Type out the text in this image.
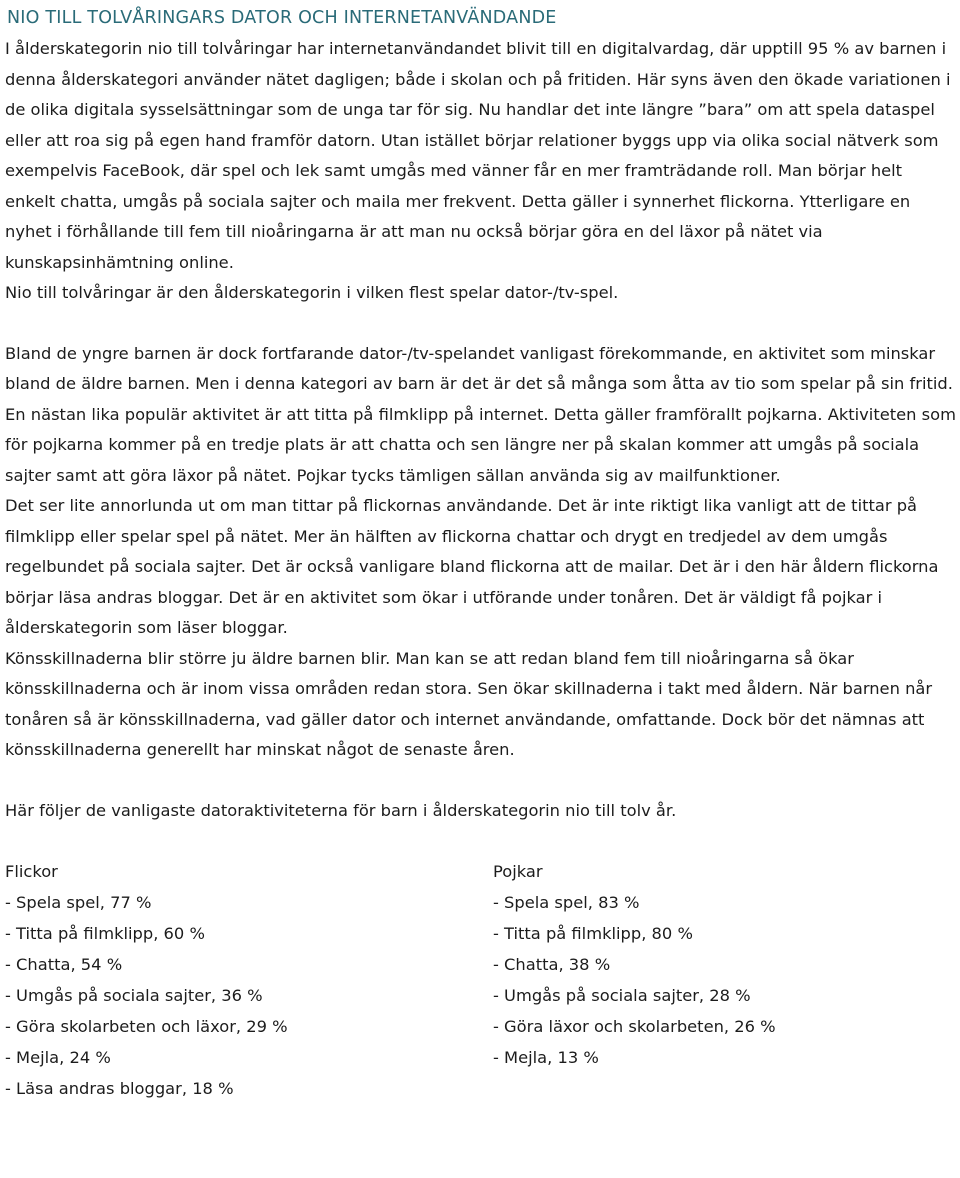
NIO TILL TOLVÅRINGARS DATOR OCH INTERNETANVÄNDANDE

I ålderskategorin nio till tolvåringar har internetanvändandet blivit till en digitalvardag, där upptill 95 % av barnen i denna ålderskategori använder nätet dagligen; både i skolan och på fritiden. Här syns även den ökade variationen i de olika digitala sysselsättningar som de unga tar för sig. Nu handlar det inte längre ”bara” om att spela dataspel eller att roa sig på egen hand framför datorn. Utan istället börjar relationer byggs upp via olika social nätverk som exempelvis FaceBook, där spel och lek samt umgås med vänner får en mer framträdande roll. Man börjar helt enkelt chatta, umgås på sociala sajter och maila mer frekvent. Detta gäller i synnerhet flickorna. Ytterligare en nyhet i förhållande till fem till nioåringarna är att man nu också börjar göra en del läxor på nätet via kunskapsinhämtning online.

Nio till tolvåringar är den ålderskategorin i vilken flest spelar dator-/tv-spel.

Bland de yngre barnen är dock fortfarande dator-/tv-spelandet vanligast förekommande, en aktivitet som minskar bland de äldre barnen. Men i denna kategori av barn är det är det så många som åtta av tio som spelar på sin fritid.

En nästan lika populär aktivitet är att titta på filmklipp på internet. Detta gäller framförallt pojkarna. Aktiviteten som för pojkarna kommer på en tredje plats är att chatta och sen längre ner på skalan kommer att umgås på sociala sajter samt att göra läxor på nätet. Pojkar tycks tämligen sällan använda sig av mailfunktioner.

Det ser lite annorlunda ut om man tittar på flickornas användande. Det är inte riktigt lika vanligt att de tittar på filmklipp eller spelar spel på nätet. Mer än hälften av flickorna chattar och drygt en tredjedel av dem umgås regelbundet på sociala sajter. Det är också vanligare bland flickorna att de mailar. Det är i den här åldern flickorna börjar läsa andras bloggar. Det är en aktivitet som ökar i utförande under tonåren. Det är väldigt få pojkar i ålderskategorin som läser bloggar.

Könsskillnaderna blir större ju äldre barnen blir. Man kan se att redan bland fem till nioåringarna så ökar könsskillnaderna och är inom vissa områden redan stora. Sen ökar skillnaderna i takt med åldern. När barnen når tonåren så är könsskillnaderna, vad gäller dator och internet användande, omfattande. Dock bör det nämnas att könsskillnaderna generellt har minskat något de senaste åren.

Här följer de vanligaste datoraktiviteterna för barn i ålderskategorin nio till tolv år.

Flickor

- Spela spel, 77 %

- Titta på filmklipp, 60 %

- Chatta, 54 %

- Umgås på sociala sajter, 36 %

- Göra skolarbeten och läxor, 29 %

- Mejla, 24 %

- Läsa andras bloggar, 18 %

Pojkar

- Spela spel, 83 %

- Titta på filmklipp, 80 %

- Chatta, 38 %

- Umgås på sociala sajter, 28 %

- Göra läxor och skolarbeten, 26 %

- Mejla, 13 %
